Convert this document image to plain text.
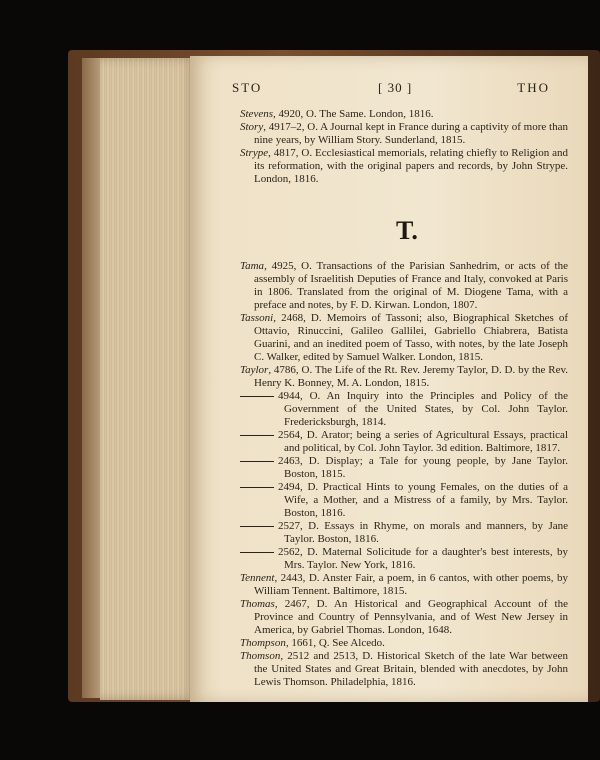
STO	[ 30 ]	THO
Stevens, 4920, O. The Same. London, 1816.
Story, 4917–2, O. A Journal kept in France during a captivity of more than nine years, by William Story. Sunderland, 1815.
Strype, 4817, O. Ecclesiastical memorials, relating chiefly to Religion and its reformation, with the original papers and records, by John Strype. London, 1816.
T.
Tama, 4925, O. Transactions of the Parisian Sanhedrim, or acts of the assembly of Israelitish Deputies of France and Italy, convoked at Paris in 1806. Translated from the original of M. Diogene Tama, with a preface and notes, by F. D. Kirwan. London, 1807.
Tassoni, 2468, D. Memoirs of Tassoni; also, Biographical Sketches of Ottavio, Rinuccini, Galileo Gallilei, Gabriello Chiabrera, Batista Guarini, and an inedited poem of Tasso, with notes, by the late Joseph C. Walker, edited by Samuel Walker. London, 1815.
Taylor, 4786, O. The Life of the Rt. Rev. Jeremy Taylor, D. D. by the Rev. Henry K. Bonney, M. A. London, 1815.
4944, O. An Inquiry into the Principles and Policy of the Government of the United States, by Col. John Taylor. Fredericksburgh, 1814.
2564, D. Arator; being a series of Agricultural Essays, practical and political, by Col. John Taylor. 3d edition. Baltimore, 1817.
2463, D. Display; a Tale for young people, by Jane Taylor. Boston, 1815.
2494, D. Practical Hints to young Females, on the duties of a Wife, a Mother, and a Mistress of a family, by Mrs. Taylor. Boston, 1816.
2527, D. Essays in Rhyme, on morals and manners, by Jane Taylor. Boston, 1816.
2562, D. Maternal Solicitude for a daughter's best interests, by Mrs. Taylor. New York, 1816.
Tennent, 2443, D. Anster Fair, a poem, in 6 cantos, with other poems, by William Tennent. Baltimore, 1815.
Thomas, 2467, D. An Historical and Geographical Account of the Province and Country of Pennsylvania, and of West New Jersey in America, by Gabriel Thomas. London, 1648.
Thompson, 1661, Q. See Alcedo.
Thomson, 2512 and 2513, D. Historical Sketch of the late War between the United States and Great Britain, blended with anecdotes, by John Lewis Thomson. Philadelphia, 1816.
